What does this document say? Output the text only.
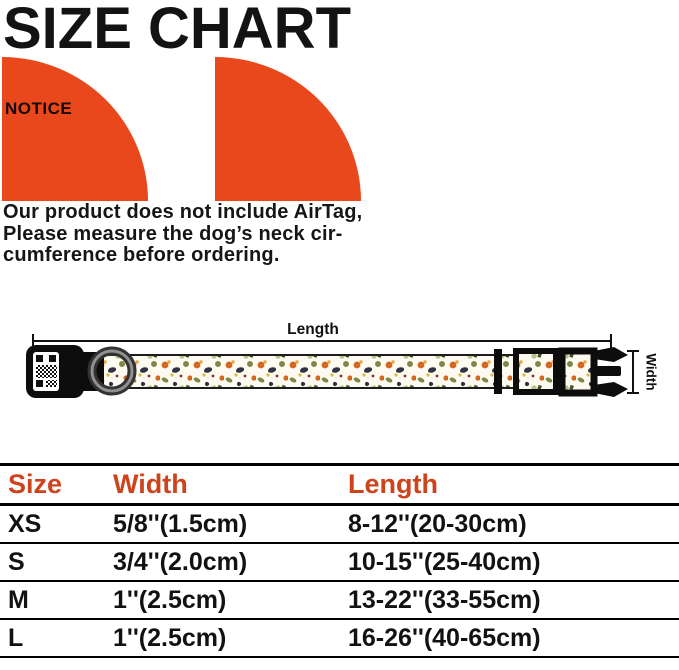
SIZE CHART
NOTICE
Our product does not include AirTag,
Please measure the dog’s neck cir-
cumference before ordering.
Length
Width
Size	Width	Length
XS	5/8''(1.5cm)	8-12''(20-30cm)
S	3/4''(2.0cm)	10-15''(25-40cm)
M	1''(2.5cm)	13-22''(33-55cm)
L	1''(2.5cm)	16-26''(40-65cm)
